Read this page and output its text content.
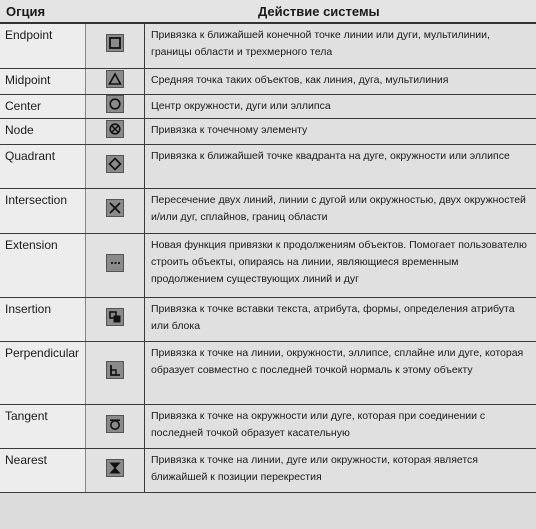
Огция	Действие системы
Endpoint		Привязка к ближайшей конечной точке линии или дуги, мультилинии, границы области и трехмерного тела
Midpoint		Средняя точка таких объектов, как линия, дуга, мультилиния
Center		Центр окружности, дуги или эллипса
Node		Привязка к точечному элементу
Quadrant		Привязка к ближайшей точке квадранта на дуге, окружности или эллипсе
Intersection		Пересечение двух линий, линии с дугой или окружностью, двух окружностей и/или дуг, сплайнов, границ области
Extension		Новая функция привязки к продолжениям объектов. Помогает пользователю строить объекты, опираясь на линии, являющиеся временным продолжением существующих линий и дуг
Insertion		Привязка к точке вставки текста, атрибута, формы, определения атрибута или блока
Perpendicular		Привязка к точке на линии, окружности, эллипсе, сплайне или дуге, которая образует совместно с последней точкой нормаль к этому объекту
Tangent		Привязка к точке на окружности или дуге, которая при соединении с последней точкой образует касательную
Nearest		Привязка к точке на линии, дуге или окружности, которая является ближайшей к позиции перекрестия
